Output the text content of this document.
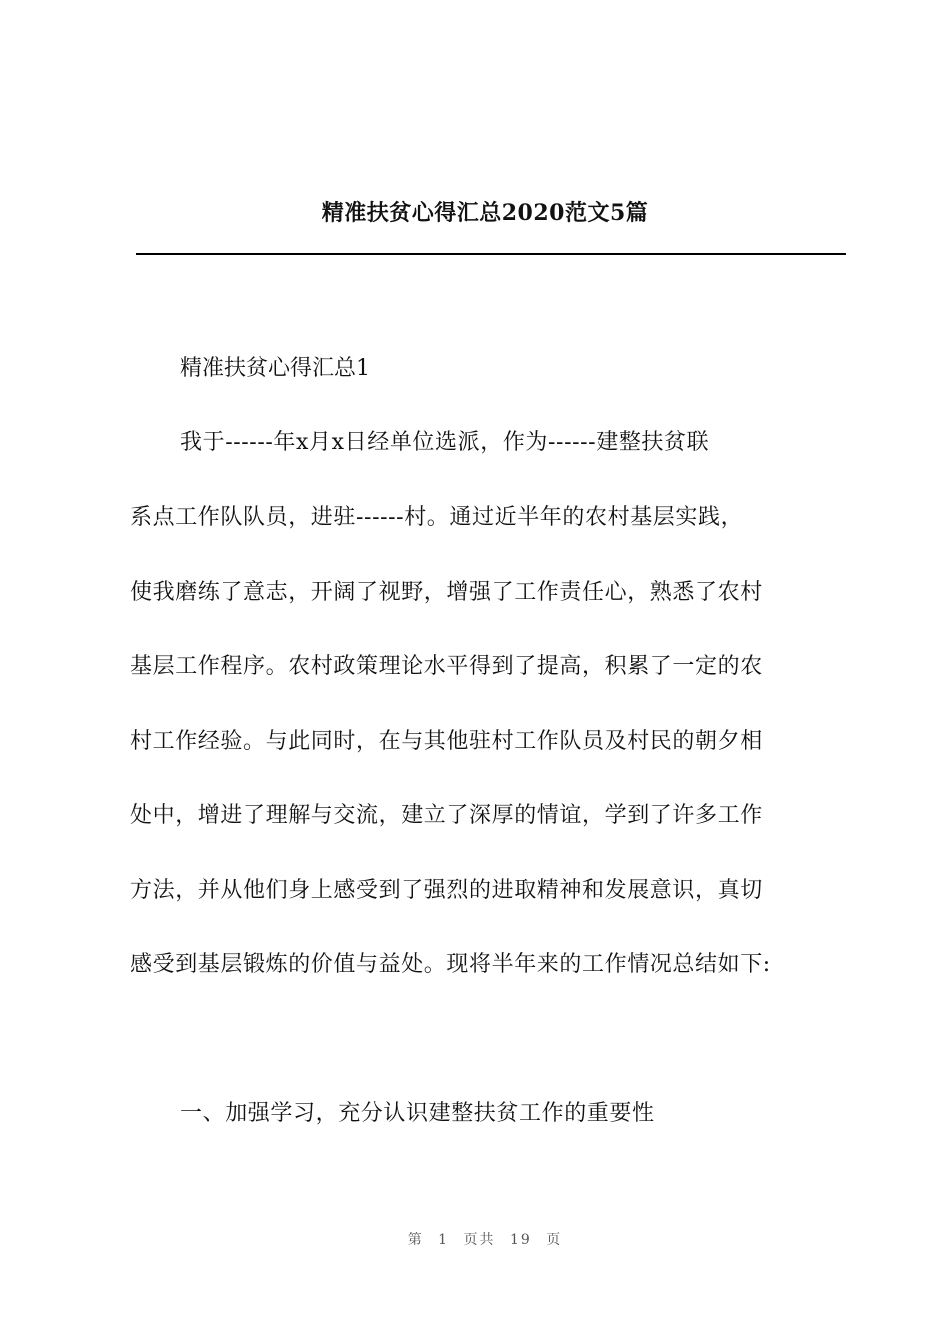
精准扶贫心得汇总2020范文5篇
精准扶贫心得汇总1
我于------年x月x日经单位选派，作为------建整扶贫联
系点工作队队员，进驻------村。通过近半年的农村基层实践，
使我磨练了意志，开阔了视野，增强了工作责任心，熟悉了农村
基层工作程序。农村政策理论水平得到了提高，积累了一定的农
村工作经验。与此同时，在与其他驻村工作队员及村民的朝夕相
处中，增进了理解与交流，建立了深厚的情谊，学到了许多工作
方法，并从他们身上感受到了强烈的进取精神和发展意识，真切
感受到基层锻炼的价值与益处。现将半年来的工作情况总结如下:
一、加强学习，充分认识建整扶贫工作的重要性
第 1 页共 19 页
